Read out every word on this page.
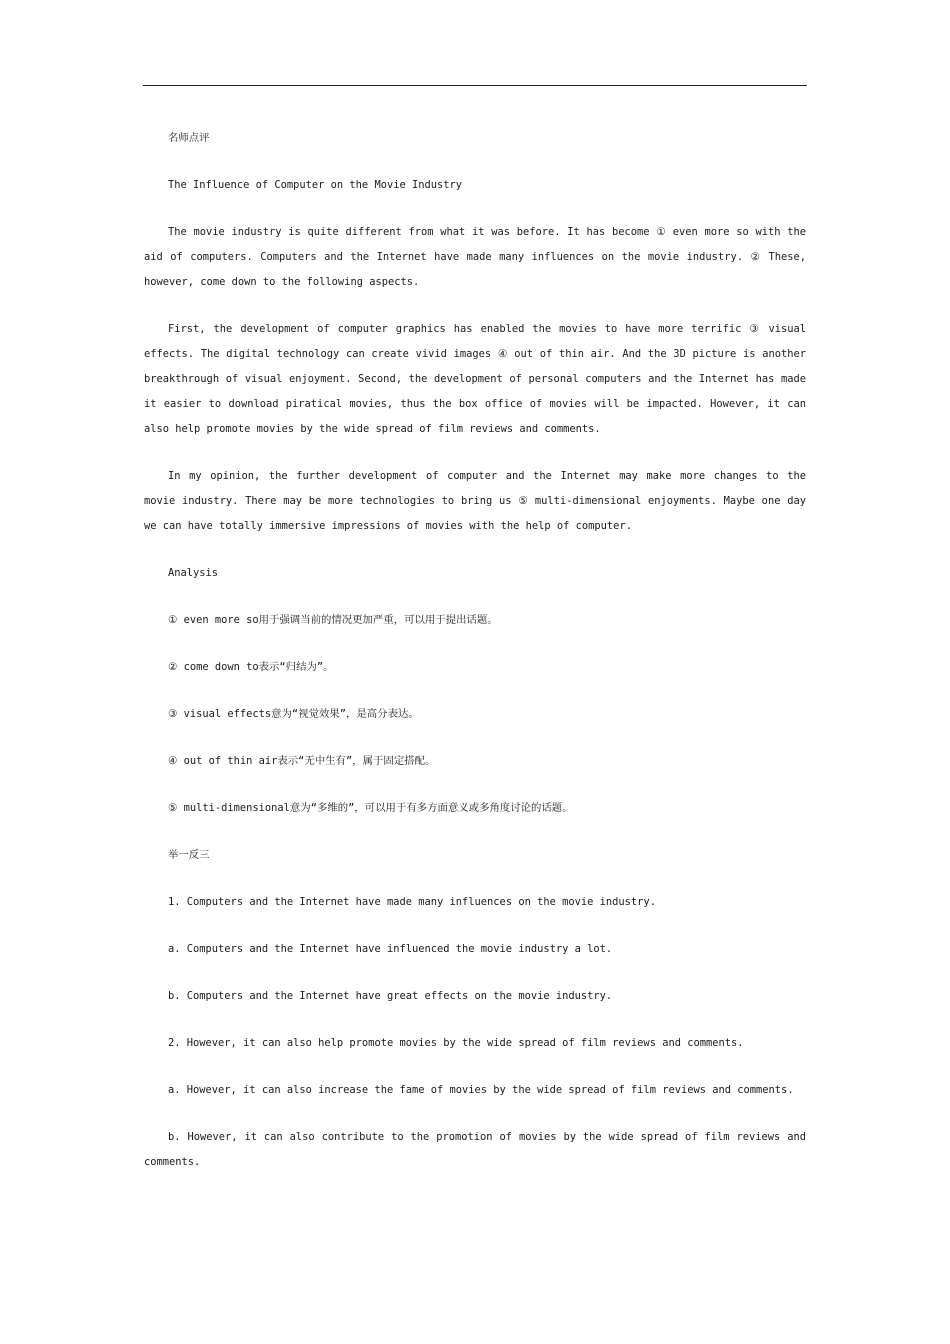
名师点评

The Influence of Computer on the Movie Industry

The movie industry is quite different from what it was before. It has become ① even more so with the aid of computers. Computers and the Internet have made many influences on the movie industry. ② These, however, come down to the following aspects.

First, the development of computer graphics has enabled the movies to have more terrific ③ visual effects. The digital technology can create vivid images ④ out of thin air. And the 3D picture is another breakthrough of visual enjoyment. Second, the development of personal computers and the Internet has made it easier to download piratical movies, thus the box office of movies will be impacted. However, it can also help promote movies by the wide spread of film reviews and comments.

In my opinion, the further development of computer and the Internet may make more changes to the movie industry. There may be more technologies to bring us ⑤ multi-dimensional enjoyments. Maybe one day we can have totally immersive impressions of movies with the help of computer.

Analysis

① even more so用于强调当前的情况更加严重，可以用于提出话题。

② come down to表示“归结为”。

③ visual effects意为“视觉效果”，是高分表达。

④ out of thin air表示“无中生有”，属于固定搭配。

⑤ multi-dimensional意为“多维的”，可以用于有多方面意义或多角度讨论的话题。

举一反三

1. Computers and the Internet have made many influences on the movie industry.

a. Computers and the Internet have influenced the movie industry a lot.

b. Computers and the Internet have great effects on the movie industry.

2. However, it can also help promote movies by the wide spread of film reviews and comments.

a. However, it can also increase the fame of movies by the wide spread of film reviews and comments.

b. However, it can also contribute to the promotion of movies by the wide spread of film reviews and comments.
